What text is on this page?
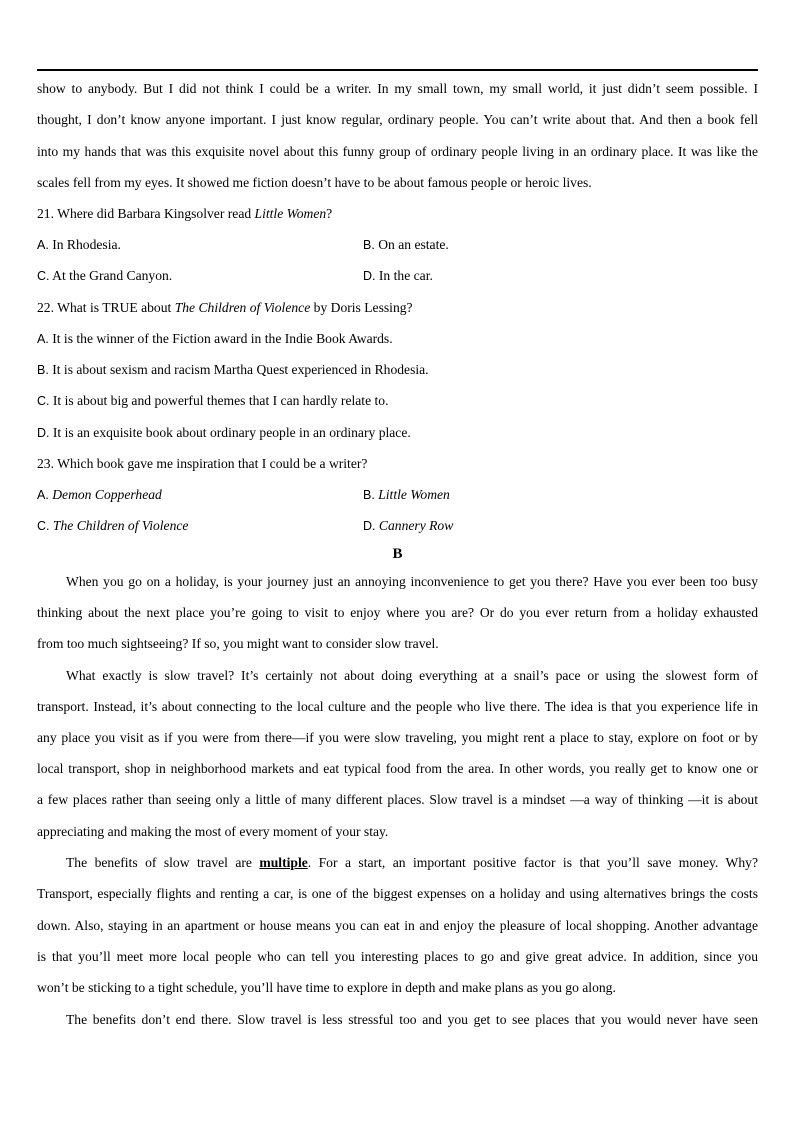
show to anybody. But I did not think I could be a writer. In my small town, my small world, it just didn’t seem possible. I
thought, I don’t know anyone important. I just know regular, ordinary people. You can’t write about that. And then a book fell
into my hands that was this exquisite novel about this funny group of ordinary people living in an ordinary place. It was like the
scales fell from my eyes. It showed me fiction doesn’t have to be about famous people or heroic lives.
21. Where did Barbara Kingsolver read Little Women?
A. In Rhodesia.	B. On an estate.
C. At the Grand Canyon.	D. In the car.
22. What is TRUE about The Children of Violence by Doris Lessing?
A. It is the winner of the Fiction award in the Indie Book Awards.
B. It is about sexism and racism Martha Quest experienced in Rhodesia.
C. It is about big and powerful themes that I can hardly relate to.
D. It is an exquisite book about ordinary people in an ordinary place.
23. Which book gave me inspiration that I could be a writer?
A. Demon Copperhead	B. Little Women
C. The Children of Violence	D. Cannery Row
B
When you go on a holiday, is your journey just an annoying inconvenience to get you there? Have you ever been too busy
thinking about the next place you’re going to visit to enjoy where you are? Or do you ever return from a holiday exhausted
from too much sightseeing? If so, you might want to consider slow travel.
What exactly is slow travel? It’s certainly not about doing everything at a snail’s pace or using the slowest form of
transport. Instead, it’s about connecting to the local culture and the people who live there. The idea is that you experience life in
any place you visit as if you were from there—if you were slow traveling, you might rent a place to stay, explore on foot or by
local transport, shop in neighborhood markets and eat typical food from the area. In other words, you really get to know one or
a few places rather than seeing only a little of many different places. Slow travel is a mindset —a way of thinking —it is about
appreciating and making the most of every moment of your stay.
The benefits of slow travel are multiple. For a start, an important positive factor is that you’ll save money. Why?
Transport, especially flights and renting a car, is one of the biggest expenses on a holiday and using alternatives brings the costs
down. Also, staying in an apartment or house means you can eat in and enjoy the pleasure of local shopping. Another advantage
is that you’ll meet more local people who can tell you interesting places to go and give great advice. In addition, since you
won’t be sticking to a tight schedule, you’ll have time to explore in depth and make plans as you go along.
The benefits don’t end there. Slow travel is less stressful too and you get to see places that you would never have seen
